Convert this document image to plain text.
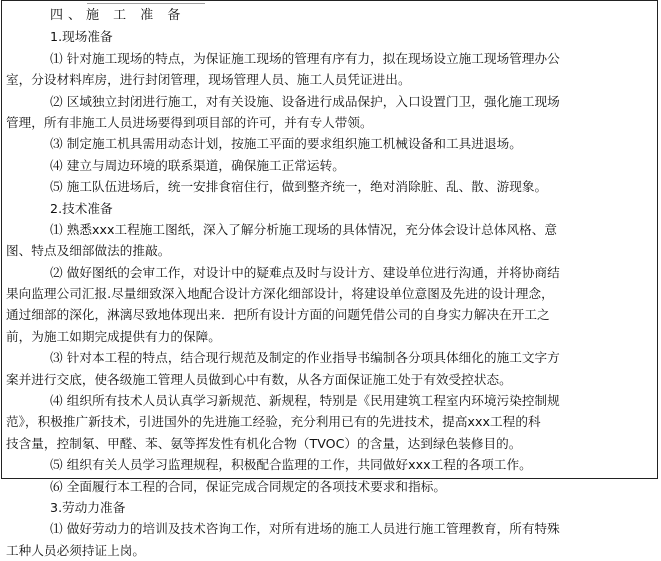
四、施 工 准 备
1.现场准备
⑴ 针对施工现场的特点，为保证施工现场的管理有序有力，拟在现场设立施工现场管理办公
室，分设材料库房，进行封闭管理，现场管理人员、施工人员凭证进出。
⑵ 区域独立封闭进行施工，对有关设施、设备进行成品保护，入口设置门卫，强化施工现场
管理，所有非施工人员进场要得到项目部的许可，并有专人带领。
⑶ 制定施工机具需用动态计划，按施工平面的要求组织施工机械设备和工具进退场。
⑷ 建立与周边环境的联系渠道，确保施工正常运转。
⑸ 施工队伍进场后，统一安排食宿住行，做到整齐统一，绝对消除脏、乱、散、游现象。
2.技术准备
⑴ 熟悉xxx工程施工图纸，深入了解分析施工现场的具体情况，充分体会设计总体风格、意
图、特点及细部做法的推敲。
⑵ 做好图纸的会审工作，对设计中的疑难点及时与设计方、建设单位进行沟通，并将协商结
果向监理公司汇报.尽量细致深入地配合设计方深化细部设计，将建设单位意图及先进的设计理念，
通过细部的深化，淋漓尽致地体现出来．把所有设计方面的问题凭借公司的自身实力解决在开工之
前，为施工如期完成提供有力的保障。
⑶ 针对本工程的特点，结合现行规范及制定的作业指导书编制各分项具体细化的施工文字方
案并进行交底，使各级施工管理人员做到心中有数，从各方面保证施工处于有效受控状态。
⑷ 组织所有技术人员认真学习新规范、新规程，特别是《民用建筑工程室内环境污染控制规
范》，积极推广新技术，引进国外的先进施工经验，充分利用已有的先进技术，提高xxx工程的科
技含量，控制氡、甲醛、苯、氨等挥发性有机化合物（TVOC）的含量，达到绿色装修目的。
⑸ 组织有关人员学习监理规程，积极配合监理的工作，共同做好xxx工程的各项工作。
⑹ 全面履行本工程的合同，保证完成合同规定的各项技术要求和指标。
3.劳动力准备
⑴ 做好劳动力的培训及技术咨询工作，对所有进场的施工人员进行施工管理教育，所有特殊
工种人员必须持证上岗。
